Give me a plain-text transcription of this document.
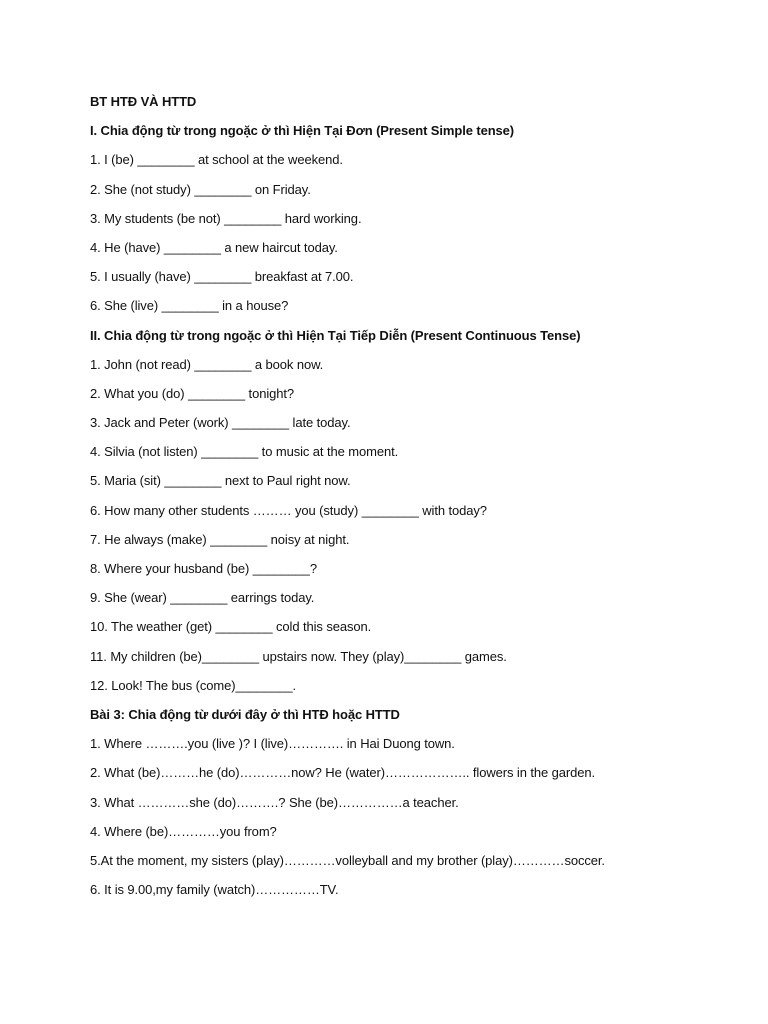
BT HTĐ VÀ HTTD
I. Chia động từ trong ngoặc ở thì Hiện Tại Đơn (Present Simple tense)
1. I (be) ________ at school at the weekend.
2. She (not study) ________ on Friday.
3. My students (be not) ________ hard working.
4. He (have) ________ a new haircut today.
5. I usually (have) ________ breakfast at 7.00.
6. She (live) ________ in a house?
II. Chia động từ trong ngoặc ở thì Hiện Tại Tiếp Diễn (Present Continuous Tense)
1. John (not read) ________ a book now.
2. What you (do) ________ tonight?
3. Jack and Peter (work) ________ late today.
4. Silvia (not listen) ________ to music at the moment.
5. Maria (sit) ________ next to Paul right now.
6. How many other students ……… you (study) ________ with today?
7. He always (make) ________ noisy at night.
8. Where your husband (be) ________?
9. She (wear) ________ earrings today.
10. The weather (get) ________ cold this season.
11. My children (be)________ upstairs now. They (play)________ games.
12. Look! The bus (come)________.
Bài 3: Chia động từ dưới đây ở thì HTĐ hoặc HTTD
1. Where ……….you (live )? I (live)…………. in Hai Duong town.
2. What (be)………he (do)…………now? He (water)……………….. flowers in the garden.
3. What …………she (do)……….? She (be)……………a teacher.
4. Where (be)…………you from?
5.At the moment, my sisters (play)…………volleyball and my brother (play)…………soccer.
6. It is 9.00,my family (watch)……………TV.
